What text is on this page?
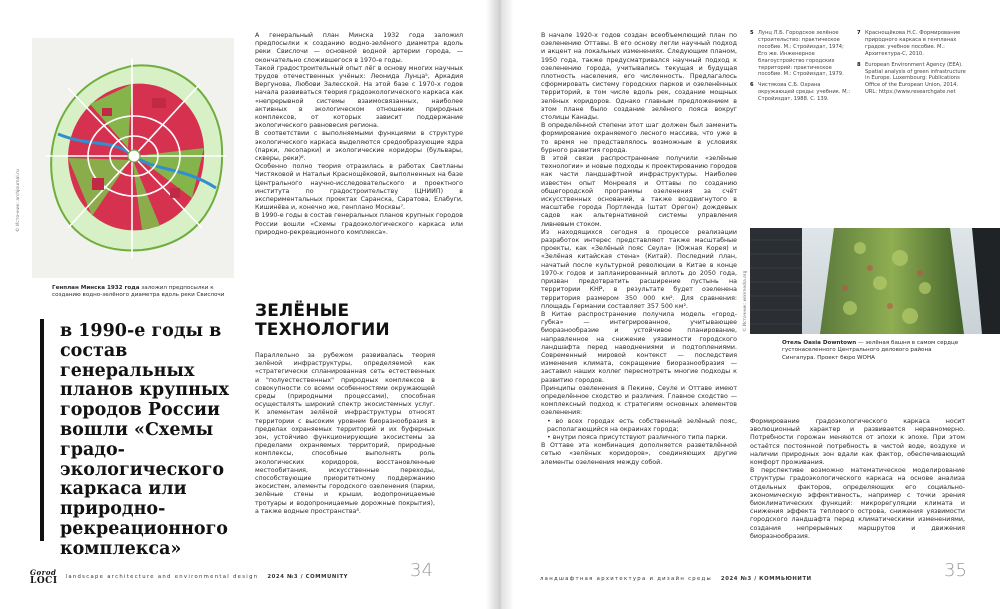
© Источник: archjournal.ru
Генплан Минска 1932 года заложил предпосылки к созданию водно-зелёного диаметра вдоль реки Свислочи

А генеральный план Минска 1932 года заложил предпосылки к созданию водно-зелёного диаметра вдоль реки Свислочи — основной водной артерии города, — окончательно сложившегося в 1970-е годы.

Такой градостроительный опыт лёг в основу многих научных трудов отечественных учёных: Леонида Лунца⁵, Аркадия Вергунова, Любови Залесской. На этой базе с 1970-х годов начала развиваться теория градоэкологического каркаса как «непрерывной системы взаимосвязанных, наиболее активных в экологическом отношении природных комплексов, от которых зависит поддержание экологического равновесия региона.

В соответствии с выполняемыми функциями в структуре экологического каркаса выделяются средообразующие ядра (парки, лесопарки) и экологические коридоры (бульвары, скверы, реки)⁶.

Особенно полно теория отразилась в работах Светланы Чистяковой и Натальи Краснощёковой, выполненных на базе Центрального научно-исследовательского и проектного института по градостроительству (ЦНИИП) в экспериментальных проектах Саранска, Саратова, Елабуги, Кишинёва и, конечно же, генплано Москвы⁷.

В 1990-е годы в состав генеральных планов крупных городов России вошли «Схемы градоэкологического каркаса или природно-рекреационного комплекса».

в 1990-е годы в состав генеральных планов крупных городов России вошли «Схемы градо-экологического каркаса или природно-рекреационного комплекса»
ЗЕЛЁНЫЕ ТЕХНОЛОГИИ

Параллельно за рубежом развивалась теория зелёной инфраструктуры, определяемой как «стратегически спланированная сеть естественных и "полуестественных" природных комплексов в совокупности со всеми особенностями окружающей среды (природными процессами), способная осуществлять широкий спектр экосистемных услуг. К элементам зелёной инфраструктуры относят территории с высоким уровнем биоразнообразия в пределах охраняемых территорий и их буферных зон, устойчиво функционирующие экосистемы за пределами охраняемых территорий, природные комплексы, способные выполнять роль экологических коридоров, восстановленные местообитания, искусственные переходы, способствующие приоритетному поддержанию экосистем, элементы городского озеленения (парки, зелёные стены и крыши, водопроницаемые тротуары и водопроницаемые дорожные покрытия), а также водные пространства⁸.

Gorod
LOCI landscape architecture and environmental design 2024 №3 / COMMUNITY	34

В начале 1920-х годов создан всеобъемлющий план по озеленению Оттавы. В его основу легли научный подход и акцент на локальных изменениях. Следующим планом, 1950 года, также предусматривался научный подход к озеленению города, учитывались текущая и будущая плотность населения, его численность. Предлагалось сформировать систему городских парков и озеленённых территорий, в том числе вдоль рек, создание мощных зелёных коридоров. Однако главным предложением в этом плане было создание зелёного пояса вокруг столицы Канады.

В определённой степени этот шаг должен был заменить формирование охраняемого лесного массива, что уже в то время не представлялось возможным в условиях бурного развития города.

В этой связи распространение получили «зелёные технологии» и новые подходы к проектированию городов как части ландшафтной инфраструктуры. Наиболее известен опыт Монреаля и Оттавы по созданию общегородской программы озеленения за счёт искусственных оснований, а также воздвигнутого в масштабе города Портленда (штат Орегон) дождевых садов как альтернативной системы управления ливневым стоком.

Из находящихся сегодня в процессе реализации разработок интерес представляют также масштабные проекты, как «Зелёный пояс Сеула» (Южная Корея) и «Зелёная китайская стена» (Китай). Последний план, начатый после культурной революции в Китае в конце 1970-х годов и запланированный вплоть до 2050 года, призван предотвратить расширение пустынь на территории КНР, в результате будет озеленена территория размером 350 000 км². Для сравнения: площадь Германии составляет 357 500 км².

В Китае распространение получила модель «город-губка» — интегрированное, учитывающее биоразнообразие и устойчивое планирование, направленное на снижение уязвимости городского ландшафта перед наводнениями и подтоплениями. Современный мировой контекст — последствия изменения климата, сокращение биоразнообразия — заставил наших коллег пересмотреть многие подходы к развитию городов.

Принципы озеленения в Пекине, Сеуле и Оттаве имеют определённое сходство и различия. Главное сходство — комплексный подход к стратегиям основных элементов озеленения:

• во всех городах есть собственный зелёный пояс, располагающийся на окраинах города;

• внутри пояса присутствуют различного типа парки.

В Оттаве эта комбинация дополняется разветвлённой сетью «зелёных коридоров», соединяющих другие элементы озеленения между собой.

5 Лунц Л.Б. Городское зелёное строительство: практическое пособие. М.: Стройиздат, 1974; Его же. Инженерное благоустройство городских территорий: практическое пособие. М.: Стройиздат, 1979.
6 Чистякова С.Б. Охрана окружающей среды: учебник. М.: Стройиздат, 1988. С. 139.
7 Краснощёкова Н.С. Формирование природного каркаса в генпланах градов: учебное пособие. М.: Архитектура-С, 2010.
8 European Environment Agency (EEA). Spatial analysis of green infrastructure in Europe. Luxembourg: Publications Office of the European Union, 2014. URL: https://www.researchgate.net
© Источник: wikimedia.org
Отель Oasia Downtown — зелёная башня в самом сердце густонаселенного Центрального делового района Сингапура. Проект бюро WOHA

Формирование градоэкологического каркаса носит эволюционный характер и развивается неравномерно. Потребности горожан меняются от эпохи к эпохе. При этом остаётся постоянной потребность в чистой воде, воздухе и наличии природных зон вдали как фактор, обеспечивающий комфорт проживания.

В перспективе возможно математическое моделирование структуры градоэкологического каркаса на основе анализа отдельных факторов, определяющих его социально-экономическую эффективность, например с точки зрения биоклиматических функций: микрорегуляции климата и снижения эффекта теплового острова, снижения уязвимости городского ландшафта перед климатическими изменениями, создания непрерывных маршрутов и движения биоразнообразия.

ландшафтная архитектура и дизайн среды 2024 №3 / КОММЬЮНИТИ	35
